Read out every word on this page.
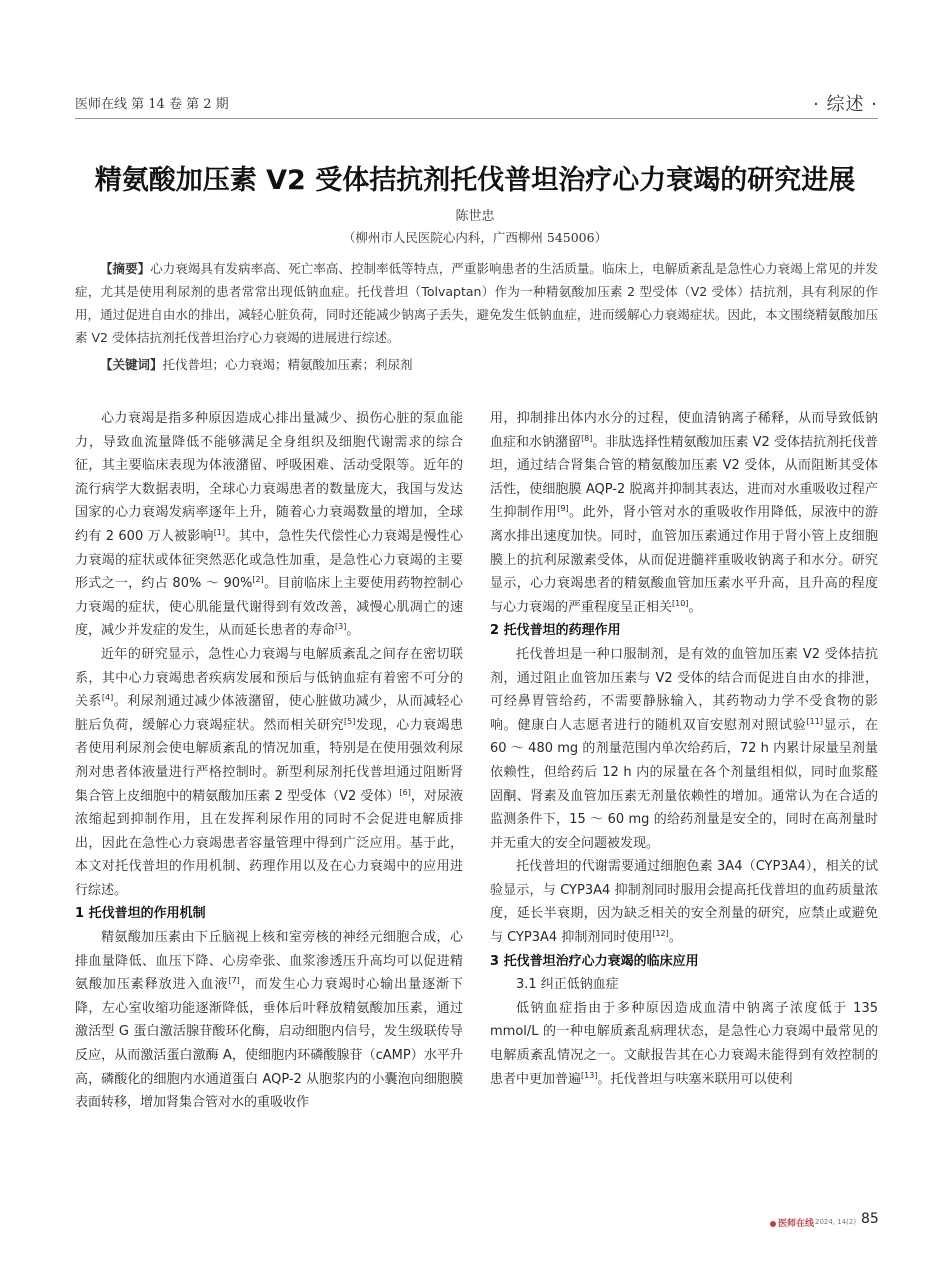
医师在线 第 14 卷 第 2 期	· 综述 ·
精氨酸加压素 V2 受体拮抗剂托伐普坦治疗心力衰竭的研究进展
陈世忠
（柳州市人民医院心内科，广西柳州 545006）
【摘要】心力衰竭具有发病率高、死亡率高、控制率低等特点，严重影响患者的生活质量。临床上，电解质紊乱是急性心力衰竭上常见的并发症，尤其是使用利尿剂的患者常常出现低钠血症。托伐普坦（Tolvaptan）作为一种精氨酸加压素 2 型受体（V2 受体）拮抗剂，具有利尿的作用，通过促进自由水的排出，减轻心脏负荷，同时还能减少钠离子丢失，避免发生低钠血症，进而缓解心力衰竭症状。因此，本文围绕精氨酸加压素 V2 受体拮抗剂托伐普坦治疗心力衰竭的进展进行综述。
【关键词】托伐普坦；心力衰竭；精氨酸加压素；利尿剂

心力衰竭是指多种原因造成心排出量减少、损伤心脏的泵血能力，导致血流量降低不能够满足全身组织及细胞代谢需求的综合征，其主要临床表现为体液潴留、呼吸困难、活动受限等。近年的流行病学大数据表明，全球心力衰竭患者的数量庞大，我国与发达国家的心力衰竭发病率逐年上升，随着心力衰竭数量的增加，全球约有 2 600 万人被影响[1]。其中，急性失代偿性心力衰竭是慢性心力衰竭的症状或体征突然恶化或急性加重，是急性心力衰竭的主要形式之一，约占 80% ～ 90%[2]。目前临床上主要使用药物控制心力衰竭的症状，使心肌能量代谢得到有效改善，减慢心肌凋亡的速度，减少并发症的发生，从而延长患者的寿命[3]。

近年的研究显示，急性心力衰竭与电解质紊乱之间存在密切联系，其中心力衰竭患者疾病发展和预后与低钠血症有着密不可分的关系[4]。利尿剂通过减少体液潴留，使心脏做功减少，从而减轻心脏后负荷，缓解心力衰竭症状。然而相关研究[5]发现，心力衰竭患者使用利尿剂会使电解质紊乱的情况加重，特别是在使用强效利尿剂对患者体液量进行严格控制时。新型利尿剂托伐普坦通过阻断肾集合管上皮细胞中的精氨酸加压素 2 型受体（V2 受体）[6]，对尿液浓缩起到抑制作用，且在发挥利尿作用的同时不会促进电解质排出，因此在急性心力衰竭患者容量管理中得到广泛应用。基于此，本文对托伐普坦的作用机制、药理作用以及在心力衰竭中的应用进行综述。

1 托伐普坦的作用机制

精氨酸加压素由下丘脑视上核和室旁核的神经元细胞合成，心排血量降低、血压下降、心房牵张、血浆渗透压升高均可以促进精氨酸加压素释放进入血液[7]，而发生心力衰竭时心输出量逐渐下降，左心室收缩功能逐渐降低，垂体后叶释放精氨酸加压素，通过激活型 G 蛋白激活腺苷酸环化酶，启动细胞内信号，发生级联传导反应，从而激活蛋白激酶 A，使细胞内环磷酸腺苷（cAMP）水平升高，磷酸化的细胞内水通道蛋白 AQP-2 从胞浆内的小囊泡向细胞膜表面转移，增加肾集合管对水的重吸收作

用，抑制排出体内水分的过程，使血清钠离子稀释，从而导致低钠血症和水钠潴留[8]。非肽选择性精氨酸加压素 V2 受体拮抗剂托伐普坦，通过结合肾集合管的精氨酸加压素 V2 受体，从而阻断其受体活性，使细胞膜 AQP-2 脱离并抑制其表达，进而对水重吸收过程产生抑制作用[9]。此外，肾小管对水的重吸收作用降低，尿液中的游离水排出速度加快。同时，血管加压素通过作用于肾小管上皮细胞膜上的抗利尿激素受体，从而促进髓袢重吸收钠离子和水分。研究显示，心力衰竭患者的精氨酸血管加压素水平升高，且升高的程度与心力衰竭的严重程度呈正相关[10]。

2 托伐普坦的药理作用

托伐普坦是一种口服制剂，是有效的血管加压素 V2 受体拮抗剂，通过阻止血管加压素与 V2 受体的结合而促进自由水的排泄，可经鼻胃管给药，不需要静脉输入，其药物动力学不受食物的影响。健康白人志愿者进行的随机双盲安慰剂对照试验[11]显示，在 60 ～ 480 mg 的剂量范围内单次给药后，72 h 内累计尿量呈剂量依赖性，但给药后 12 h 内的尿量在各个剂量组相似，同时血浆醛固酮、肾素及血管加压素无剂量依赖性的增加。通常认为在合适的监测条件下，15 ～ 60 mg 的给药剂量是安全的，同时在高剂量时并无重大的安全问题被发现。

托伐普坦的代谢需要通过细胞色素 3A4（CYP3A4），相关的试验显示，与 CYP3A4 抑制剂同时服用会提高托伐普坦的血药质量浓度，延长半衰期，因为缺乏相关的安全剂量的研究，应禁止或避免与 CYP3A4 抑制剂同时使用[12]。

3 托伐普坦治疗心力衰竭的临床应用
3.1 纠正低钠血症

低钠血症指由于多种原因造成血清中钠离子浓度低于 135 mmol/L 的一种电解质紊乱病理状态，是急性心力衰竭中最常见的电解质紊乱情况之一。文献报告其在心力衰竭未能得到有效控制的患者中更加普遍[13]。托伐普坦与呋塞米联用可以使利

医师在线 2024, 14(2) 85
